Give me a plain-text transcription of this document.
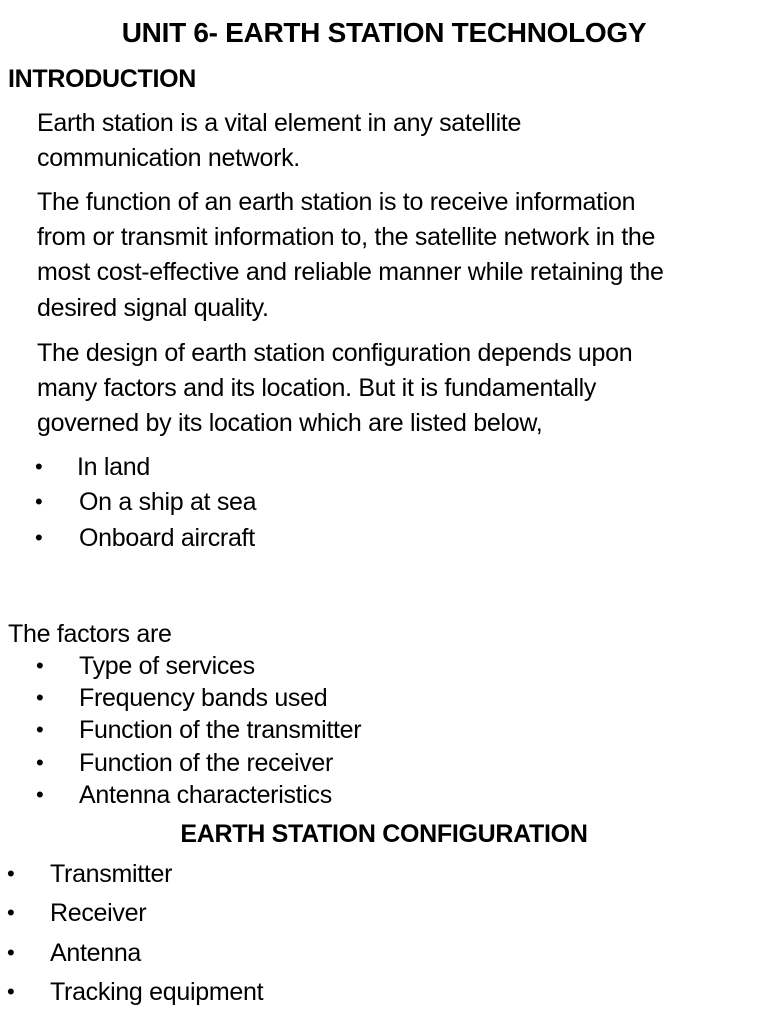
UNIT 6- EARTH STATION TECHNOLOGY
INTRODUCTION
Earth station is a vital element in any satellite
communication network.
The function of an earth station is to receive information
from or transmit information to, the satellite network in the
most cost-effective and reliable manner while retaining the
desired signal quality.
The design of earth station configuration depends upon
many factors and its location. But it is fundamentally
governed by its location which are listed below,
• In land
• On a ship at sea
• Onboard aircraft
The factors are
• Type of services
• Frequency bands used
• Function of the transmitter
• Function of the receiver
• Antenna characteristics
EARTH STATION CONFIGURATION
• Transmitter
• Receiver
• Antenna
• Tracking equipment
